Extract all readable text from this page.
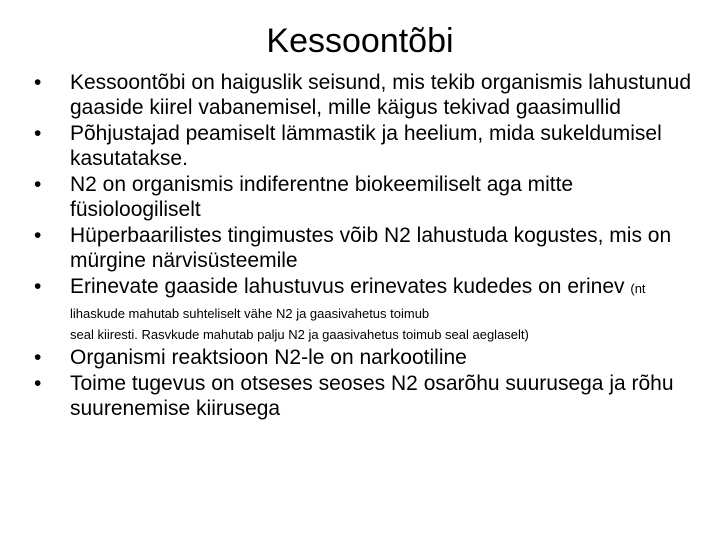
Kessoontõbi
•	Kessoontõbi on haiguslik seisund, mis tekib organismis lahustunud gaaside kiirel vabanemisel, mille käigus tekivad gaasimullid
•	Põhjustajad peamiselt lämmastik ja heelium, mida sukeldumisel kasutatakse.
•	N2 on organismis indiferentne biokeemiliselt aga mitte füsioloogiliselt
•	Hüperbaarilistes tingimustes võib N2 lahustuda kogustes, mis on mürgine närvisüsteemile
•	Erinevate gaaside lahustuvus erinevates kudedes on erinev (nt lihaskude mahutab suhteliselt vähe N2 ja gaasivahetus toimub
seal kiiresti. Rasvkude mahutab palju N2 ja gaasivahetus toimub seal aeglaselt)
•	Organismi reaktsioon N2-le on narkootiline
•	Toime tugevus on otseses seoses N2 osarõhu suurusega ja rõhu suurenemise kiirusega
